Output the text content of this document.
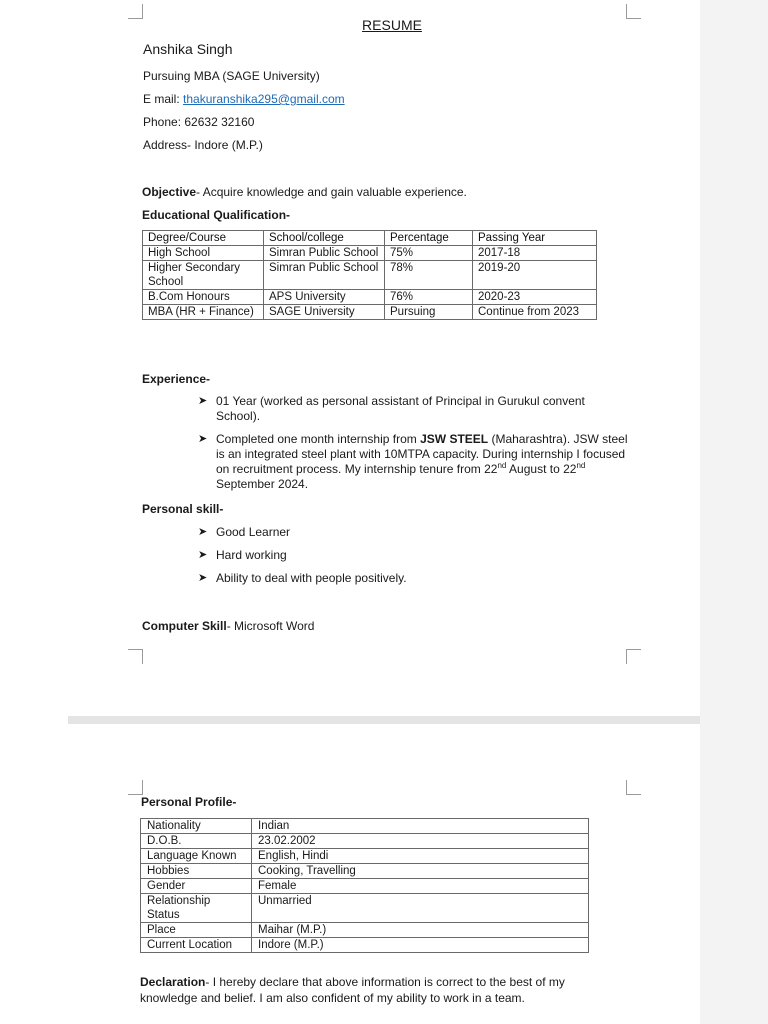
RESUME
Anshika Singh
Pursuing MBA (SAGE University)
E mail: thakuranshika295@gmail.com
Phone: 62632 32160
Address- Indore (M.P.)
Objective- Acquire knowledge and gain valuable experience.
Educational Qualification-
Degree/Course	School/college	Percentage	Passing Year
High School	Simran Public School	75%	2017-18
Higher Secondary School	Simran Public School	78%	2019-20
B.Com Honours	APS University	76%	2020-23
MBA (HR + Finance)	SAGE University	Pursuing	Continue from 2023
Experience-
➤ 01 Year (worked as personal assistant of Principal in Gurukul convent School).
➤ Completed one month internship from JSW STEEL (Maharashtra). JSW steel is an integrated steel plant with 10MTPA capacity. During internship I focused on recruitment process. My internship tenure from 22nd August to 22nd September 2024.
Personal skill-
➤ Good Learner
➤ Hard working
➤ Ability to deal with people positively.
Computer Skill- Microsoft Word
Personal Profile-
Nationality	Indian
D.O.B.	23.02.2002
Language Known	English, Hindi
Hobbies	Cooking, Travelling
Gender	Female
Relationship Status	Unmarried
Place	Maihar (M.P.)
Current Location	Indore (M.P.)
Declaration- I hereby declare that above information is correct to the best of my knowledge and belief. I am also confident of my ability to work in a team.
